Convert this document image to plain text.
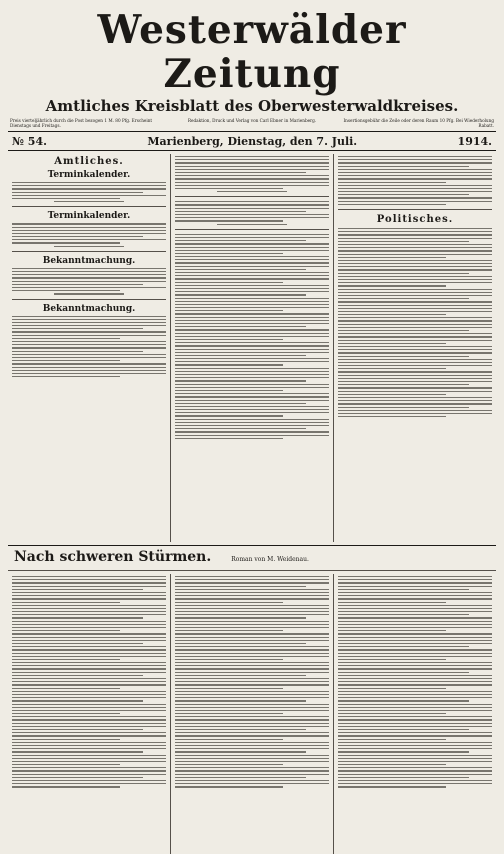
Westerwälder Zeitung
Amtliches Kreisblatt des Oberwesterwaldkreises.
Preis vierteljährlich durch die Post bezogen 1 M. 80 Pfg. Erscheint Dienstags und Freitags.
Redaktion, Druck und Verlag von Carl Ebner in Marienberg.	Insertionsgebühr die Zeile oder deren Raum 10 Pfg. Bei Wiederholung Rabatt.
№ 54.	Marienberg, Dienstag, den 7. Juli.	1914.
Amtliches.
Terminkalender.
Terminkalender.
Bekanntmachung.
Bekanntmachung.
Politisches.
Nach schweren Stürmen.	Roman von M. Weidenau.
